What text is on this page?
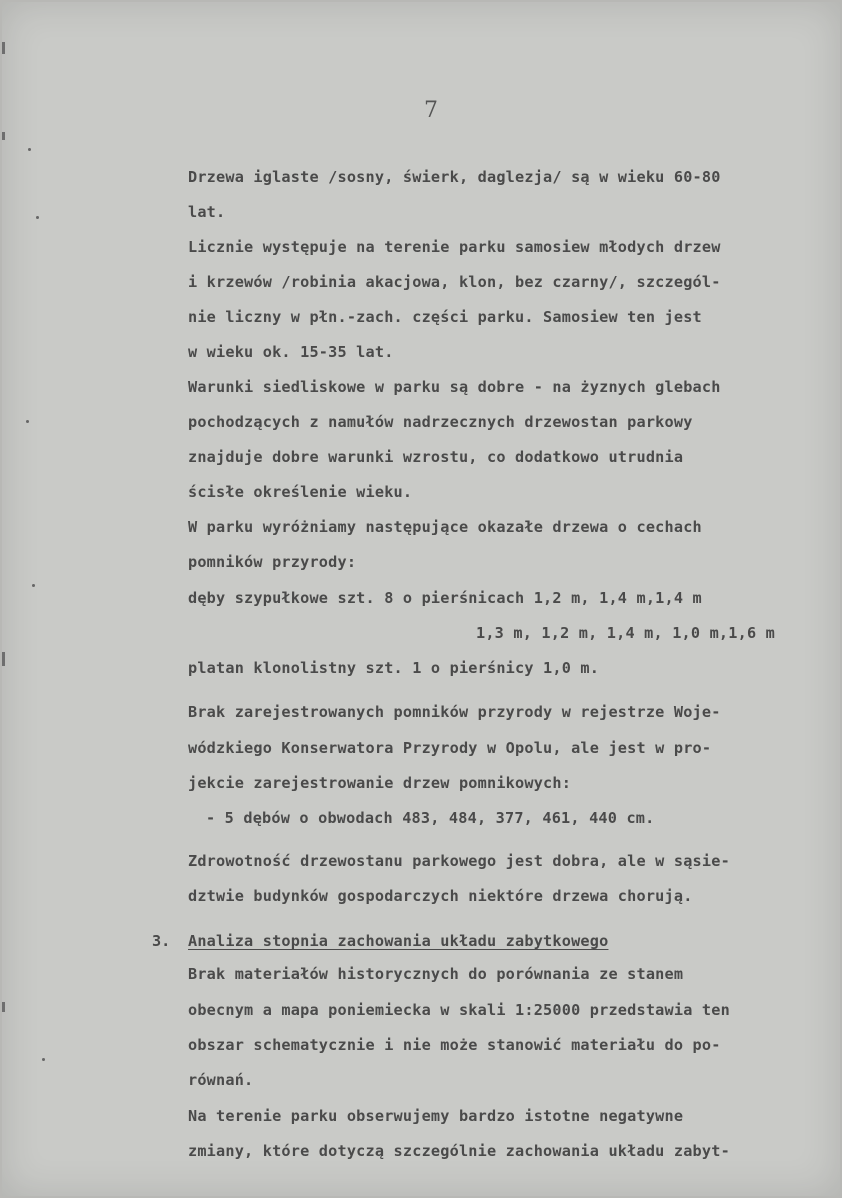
7
Drzewa iglaste /sosny, świerk, daglezja/ są w wieku 60-80
lat.
Licznie występuje na terenie parku samosiew młodych drzew
i krzewów /robinia akacjowa, klon, bez czarny/, szczegól-
nie liczny w płn.-zach. części parku. Samosiew ten jest
w wieku ok. 15-35 lat.
Warunki siedliskowe w parku są dobre - na żyznych glebach
pochodzących z namułów nadrzecznych drzewostan parkowy
znajduje dobre warunki wzrostu, co dodatkowo utrudnia
ścisłe określenie wieku.
W parku wyróżniamy następujące okazałe drzewa o cechach
pomników przyrody:
dęby szypułkowe szt. 8 o pierśnicach 1,2 m, 1,4 m,1,4 m
1,3 m, 1,2 m, 1,4 m, 1,0 m,1,6 m
platan klonolistny szt. 1 o pierśnicy 1,0 m.
Brak zarejestrowanych pomników przyrody w rejestrze Woje-
wódzkiego Konserwatora Przyrody w Opolu, ale jest w pro-
jekcie zarejestrowanie drzew pomnikowych:
- 5 dębów o obwodach 483, 484, 377, 461, 440 cm.
Zdrowotność drzewostanu parkowego jest dobra, ale w sąsie-
dztwie budynków gospodarczych niektóre drzewa chorują.
3. Analiza stopnia zachowania układu zabytkowego
Brak materiałów historycznych do porównania ze stanem
obecnym a mapa poniemiecka w skali 1:25000 przedstawia ten
obszar schematycznie i nie może stanowić materiału do po-
równań.
Na terenie parku obserwujemy bardzo istotne negatywne
zmiany, które dotyczą szczególnie zachowania układu zabyt-
